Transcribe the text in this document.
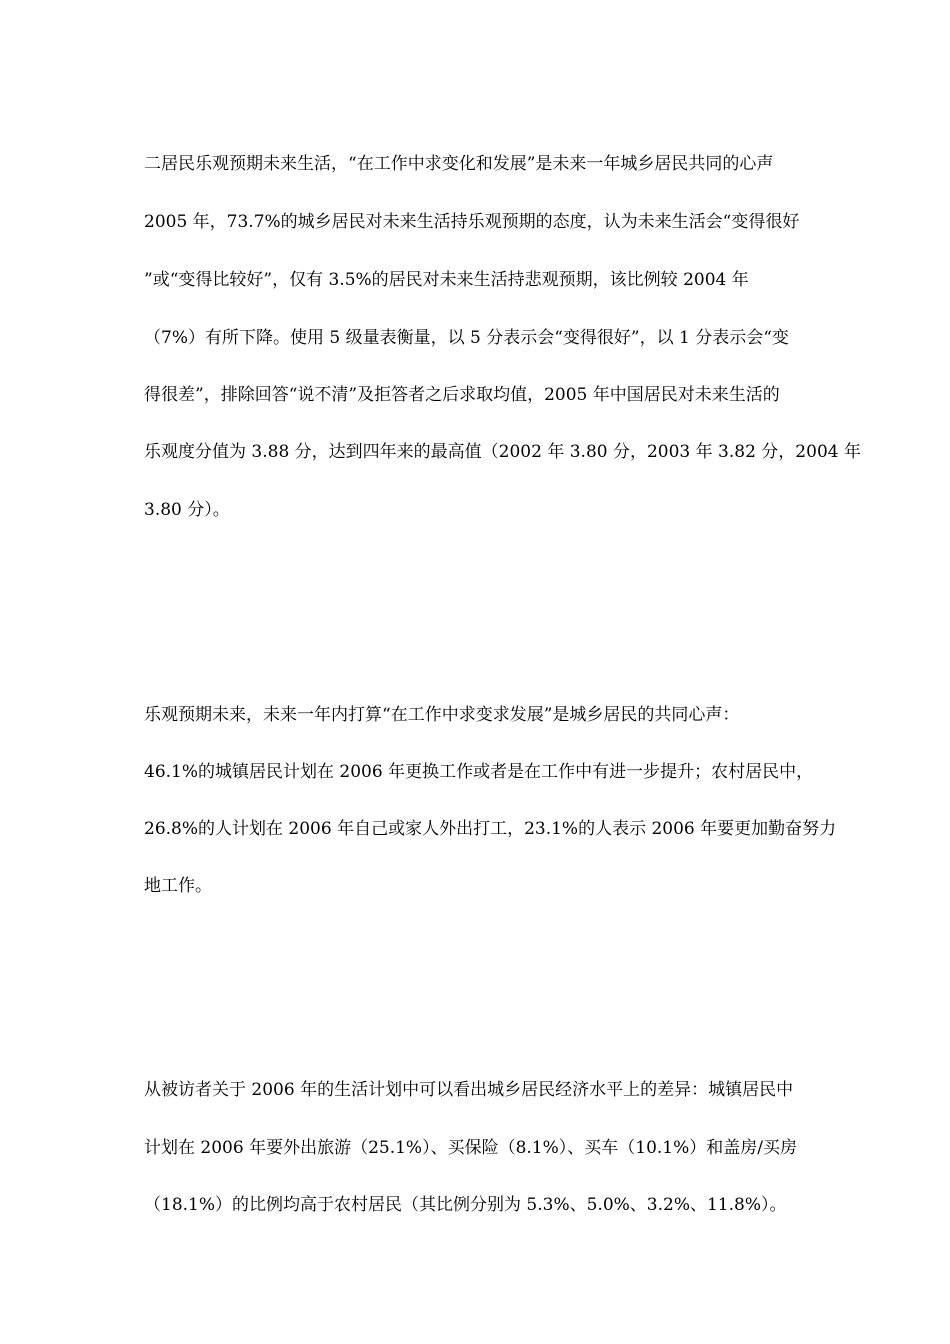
二居民乐观预期未来生活，“在工作中求变化和发展”是未来一年城乡居民共同的心声
2005 年，73.7%的城乡居民对未来生活持乐观预期的态度，认为未来生活会“变得很好
”或“变得比较好”，仅有 3.5%的居民对未来生活持悲观预期，该比例较 2004 年
（7%）有所下降。使用 5 级量表衡量，以 5 分表示会“变得很好”，以 1 分表示会“变
得很差”，排除回答“说不清”及拒答者之后求取均值，2005 年中国居民对未来生活的
乐观度分值为 3.88 分，达到四年来的最高值（2002 年 3.80 分，2003 年 3.82 分，2004 年
3.80 分）。
乐观预期未来，未来一年内打算“在工作中求变求发展”是城乡居民的共同心声：
46.1%的城镇居民计划在 2006 年更换工作或者是在工作中有进一步提升；农村居民中，
26.8%的人计划在 2006 年自己或家人外出打工，23.1%的人表示 2006 年要更加勤奋努力
地工作。
从被访者关于 2006 年的生活计划中可以看出城乡居民经济水平上的差异：城镇居民中
计划在 2006 年要外出旅游（25.1%）、买保险（8.1%）、买车（10.1%）和盖房/买房
（18.1%）的比例均高于农村居民（其比例分别为 5.3%、5.0%、3.2%、11.8%）。
